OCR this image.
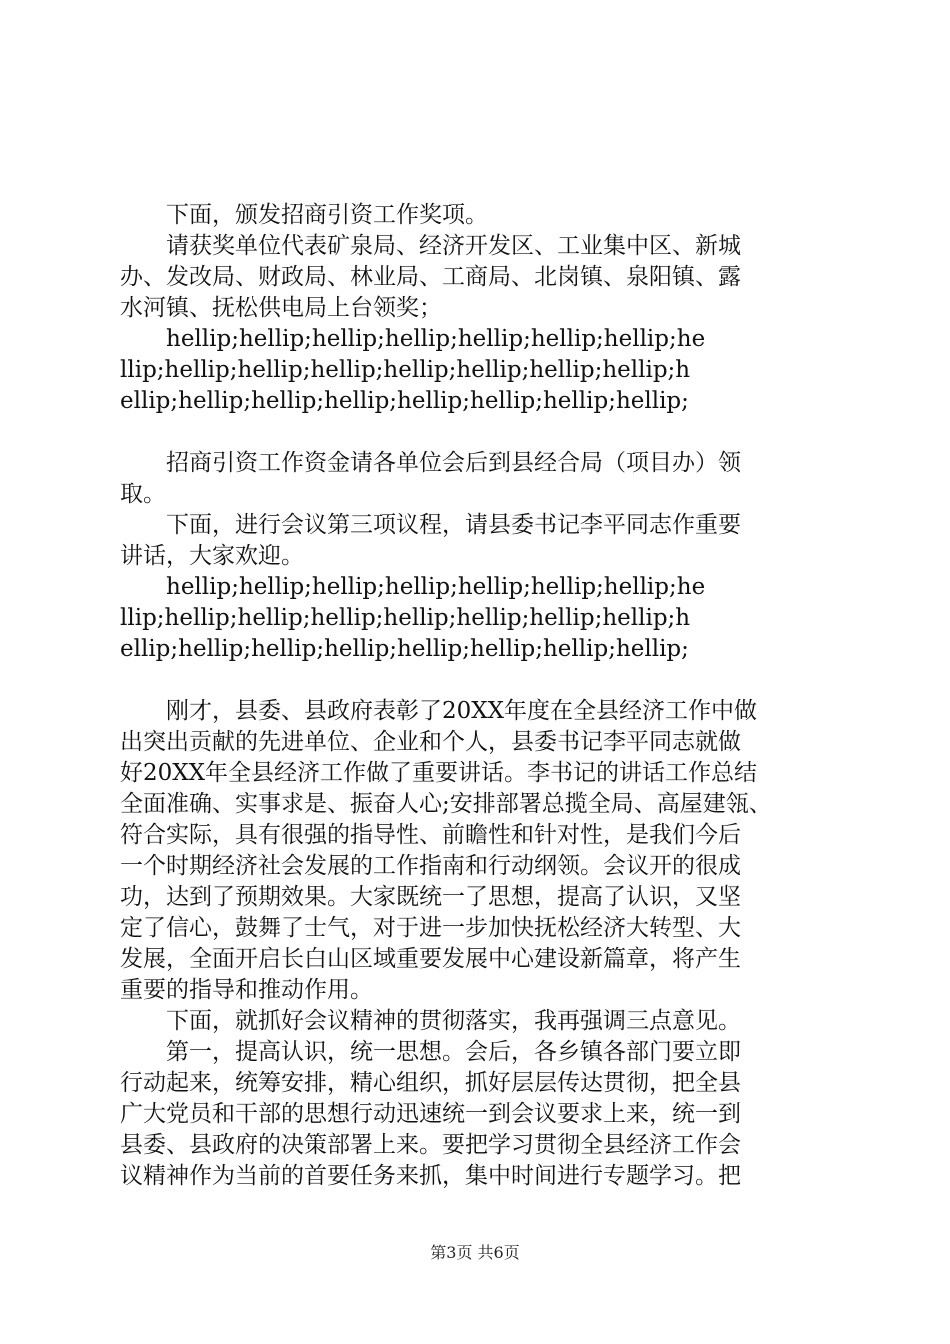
　　下面，颁发招商引资工作奖项。
　　请获奖单位代表矿泉局、经济开发区、工业集中区、新城
办、发改局、财政局、林业局、工商局、北岗镇、泉阳镇、露
水河镇、抚松供电局上台领奖；
　　hellip;hellip;hellip;hellip;hellip;hellip;hellip;he
llip;hellip;hellip;hellip;hellip;hellip;hellip;hellip;h
ellip;hellip;hellip;hellip;hellip;hellip;hellip;hellip;
　　招商引资工作资金请各单位会后到县经合局（项目办）领
取。
　　下面，进行会议第三项议程，请县委书记李平同志作重要
讲话，大家欢迎。
　　hellip;hellip;hellip;hellip;hellip;hellip;hellip;he
llip;hellip;hellip;hellip;hellip;hellip;hellip;hellip;h
ellip;hellip;hellip;hellip;hellip;hellip;hellip;hellip;
　　刚才，县委、县政府表彰了20XX年度在全县经济工作中做
出突出贡献的先进单位、企业和个人，县委书记李平同志就做
好20XX年全县经济工作做了重要讲话。李书记的讲话工作总结
全面准确、实事求是、振奋人心;安排部署总揽全局、高屋建瓴、
符合实际，具有很强的指导性、前瞻性和针对性，是我们今后
一个时期经济社会发展的工作指南和行动纲领。会议开的很成
功，达到了预期效果。大家既统一了思想，提高了认识，又坚
定了信心，鼓舞了士气，对于进一步加快抚松经济大转型、大
发展，全面开启长白山区域重要发展中心建设新篇章，将产生
重要的指导和推动作用。
　　下面，就抓好会议精神的贯彻落实，我再强调三点意见。
　　第一，提高认识，统一思想。会后，各乡镇各部门要立即
行动起来，统筹安排，精心组织，抓好层层传达贯彻，把全县
广大党员和干部的思想行动迅速统一到会议要求上来，统一到
县委、县政府的决策部署上来。要把学习贯彻全县经济工作会
议精神作为当前的首要任务来抓，集中时间进行专题学习。把
第3页 共6页
